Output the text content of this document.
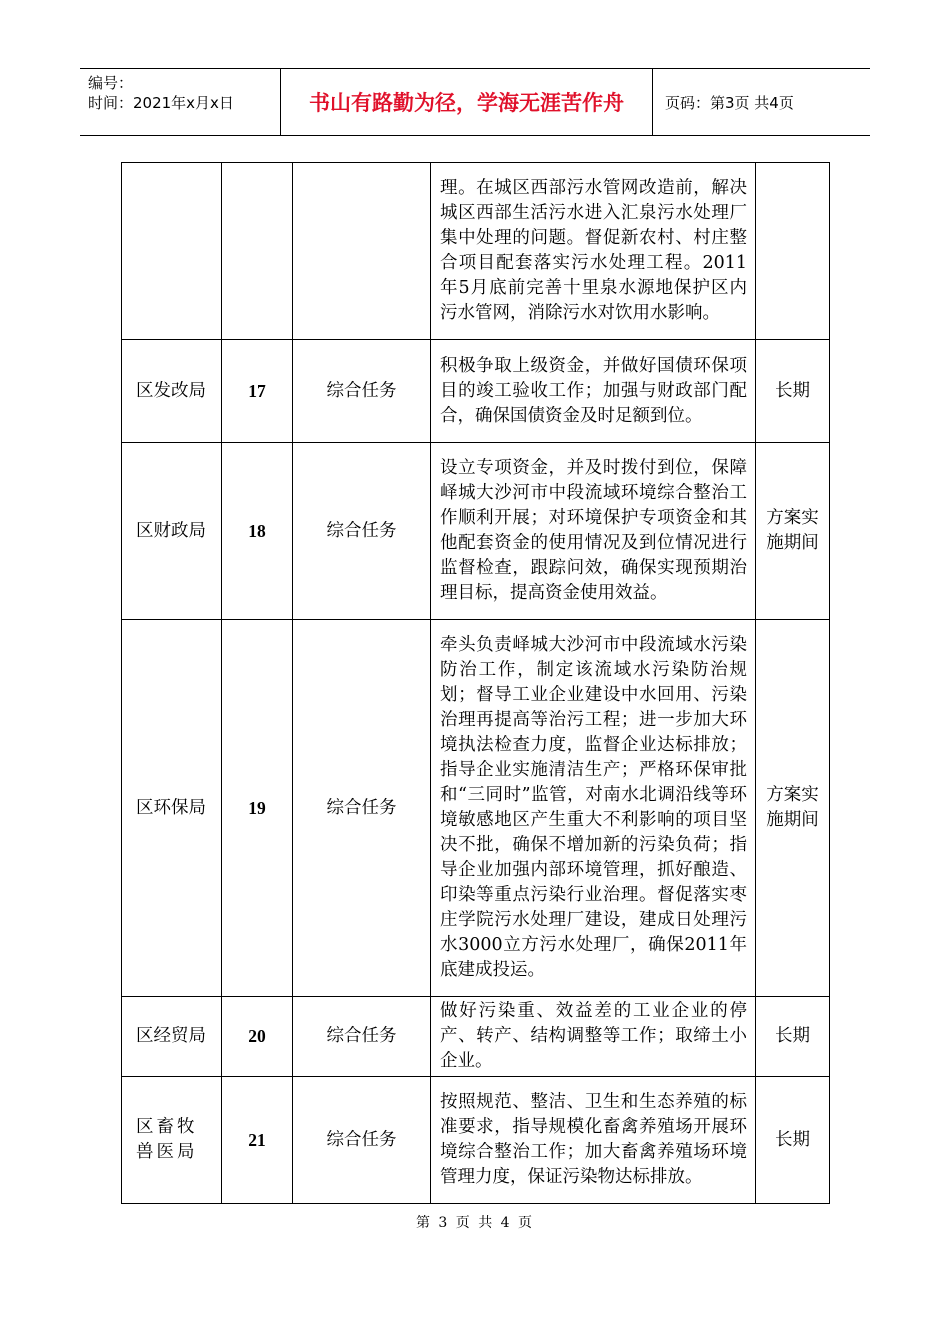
编号：
时间：2021年x月x日	书山有路勤为径，学海无涯苦作舟	页码：第3页 共4页
			理。在城区西部污水管网改造前，解决城区西部生活污水进入汇泉污水处理厂集中处理的问题。督促新农村、村庄整合项目配套落实污水处理工程。2011年5月底前完善十里泉水源地保护区内污水管网，消除污水对饮用水影响。	
区发改局	17	综合任务	积极争取上级资金，并做好国债环保项目的竣工验收工作；加强与财政部门配合，确保国债资金及时足额到位。	长期
区财政局	18	综合任务	设立专项资金，并及时拨付到位，保障峄城大沙河市中段流域环境综合整治工作顺利开展；对环境保护专项资金和其他配套资金的使用情况及到位情况进行监督检查，跟踪问效，确保实现预期治理目标，提高资金使用效益。	方案实施期间
区环保局	19	综合任务	牵头负责峄城大沙河市中段流域水污染防治工作，制定该流域水污染防治规划；督导工业企业建设中水回用、污染治理再提高等治污工程；进一步加大环境执法检查力度，监督企业达标排放；指导企业实施清洁生产；严格环保审批和“三同时”监管，对南水北调沿线等环境敏感地区产生重大不利影响的项目坚决不批，确保不增加新的污染负荷；指导企业加强内部环境管理，抓好酿造、印染等重点污染行业治理。督促落实枣庄学院污水处理厂建设，建成日处理污水3000立方污水处理厂，确保2011年底建成投运。	方案实施期间
区经贸局	20	综合任务	做好污染重、效益差的工业企业的停产、转产、结构调整等工作；取缔土小企业。	长期
区畜牧兽医局	21	综合任务	按照规范、整洁、卫生和生态养殖的标准要求，指导规模化畜禽养殖场开展环境综合整治工作；加大畜禽养殖场环境管理力度，保证污染物达标排放。	长期
第 3 页 共 4 页
